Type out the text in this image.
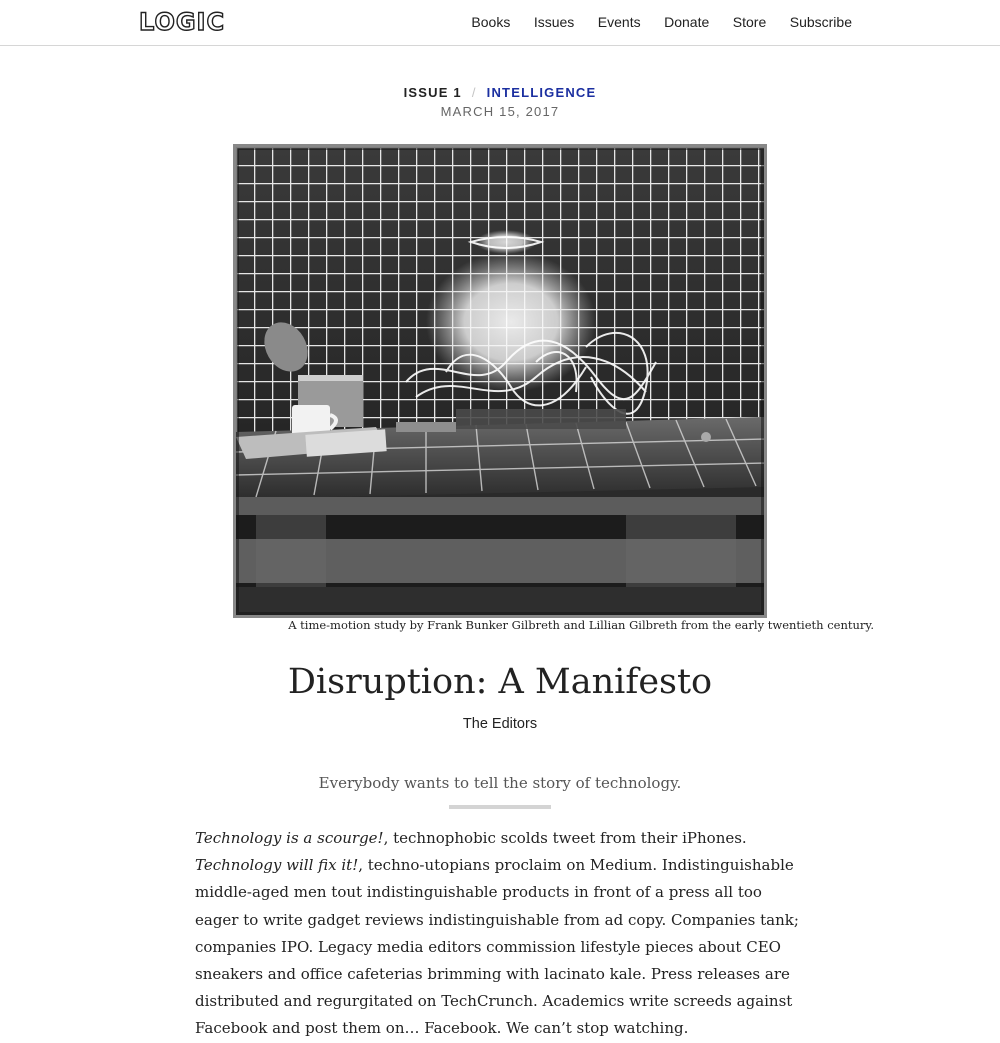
LOGIC	Books Issues Events Donate Store Subscribe
ISSUE 1 / INTELLIGENCE
MARCH 15, 2017
A time-motion study by Frank Bunker Gilbreth and Lillian Gilbreth from the early twentieth century.
Disruption: A Manifesto
The Editors
Everybody wants to tell the story of technology.

Technology is a scourge!, technophobic scolds tweet from their iPhones. Technology will fix it!, techno-utopians proclaim on Medium. Indistinguishable middle-aged men tout indistinguishable products in front of a press all too eager to write gadget reviews indistinguishable from ad copy. Companies tank; companies IPO. Legacy media editors commission lifestyle pieces about CEO sneakers and office cafeterias brimming with lacinato kale. Press releases are distributed and regurgitated on TechCrunch. Academics write screeds against Facebook and post them on… Facebook. We can’t stop watching.
